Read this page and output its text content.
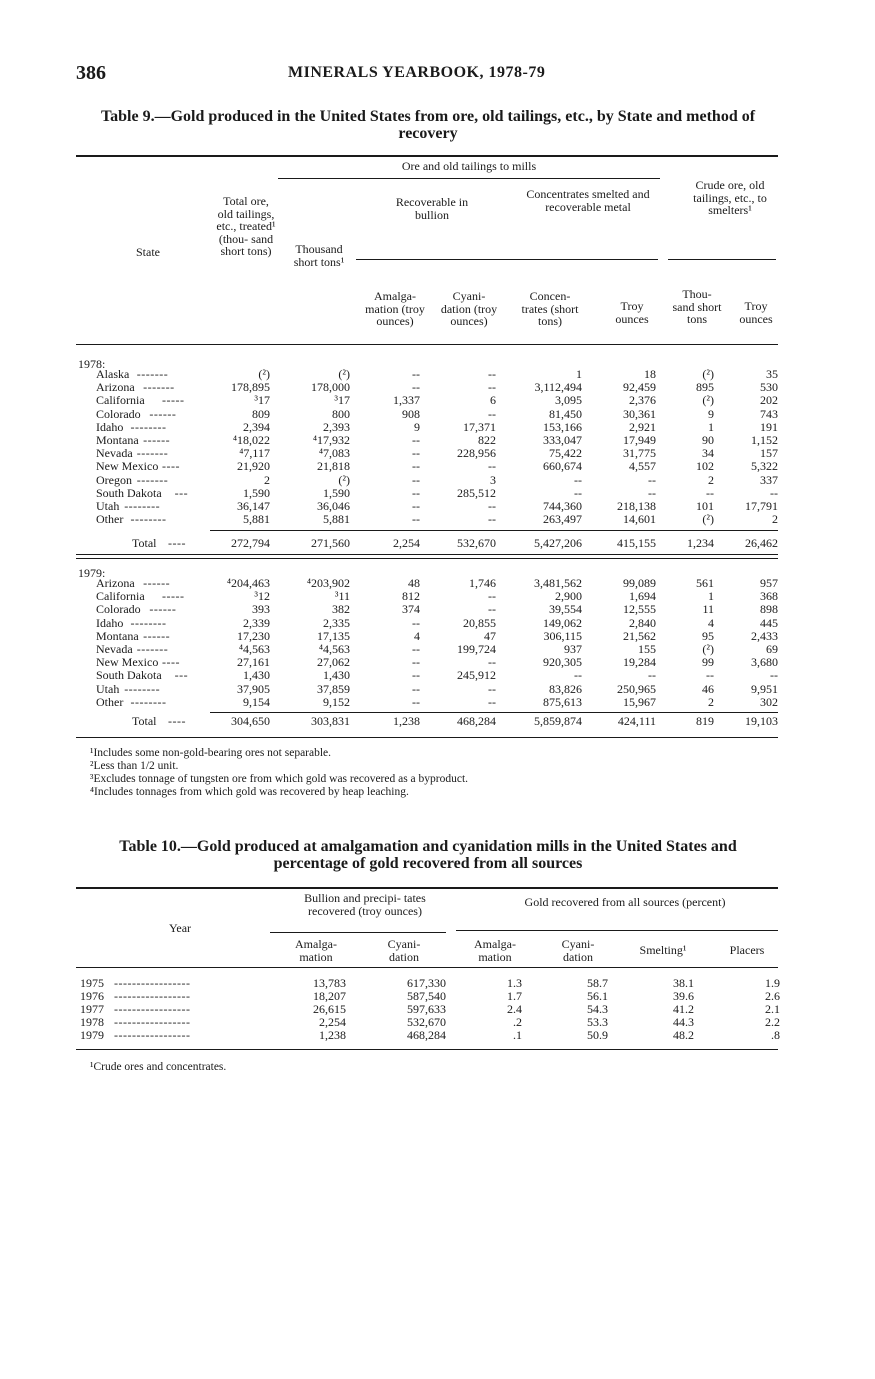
386	MINERALS YEARBOOK, 1978-79
Table 9.—Gold produced in the United States from ore, old tailings, etc., by State and method of recovery
State
Ore and old tailings to mills
Total ore, old tailings, etc., treated¹ (thou- sand short tons)	Thousand short tons¹
Recoverable in bullion
Amalga- mation (troy ounces)
Cyani- dation (troy ounces)
Concentrates smelted and recoverable metal
Concen- trates (short tons)
Troy ounces
Crude ore, old tailings, etc., to smelters¹
Thou- sand short tons
Troy ounces
1978:
Alaska -------	(²)	(²)	--	--	1	18	(²)	35
Arizona -------	178,895	178,000	--	--	3,112,494	92,459	895	530
California -----	³17	³17	1,337	6	3,095	2,376	(²)	202
Colorado ------	809	800	908	--	81,450	30,361	9	743
Idaho --------	2,394	2,393	9	17,371	153,166	2,921	1	191
Montana ------	⁴18,022	⁴17,932	--	822	333,047	17,949	90	1,152
Nevada -------	⁴7,117	⁴7,083	--	228,956	75,422	31,775	34	157
New Mexico ----	21,920	21,818	--	--	660,674	4,557	102	5,322
Oregon -------	2	(²)	--	3	--	--	2	337
South Dakota ---	1,590	1,590	--	285,512	--	--	--	--
Utah --------	36,147	36,046	--	--	744,360	218,138	101	17,791
Other --------	5,881	5,881	--	--	263,497	14,601	(²)	2
Total ----	272,794	271,560	2,254	532,670	5,427,206	415,155	1,234	26,462
1979:
Arizona ------	⁴204,463	⁴203,902	48	1,746	3,481,562	99,089	561	957
California -----	³12	³11	812	--	2,900	1,694	1	368
Colorado ------	393	382	374	--	39,554	12,555	11	898
Idaho --------	2,339	2,335	--	20,855	149,062	2,840	4	445
Montana ------	17,230	17,135	4	47	306,115	21,562	95	2,433
Nevada -------	⁴4,563	⁴4,563	--	199,724	937	155	(²)	69
New Mexico ----	27,161	27,062	--	--	920,305	19,284	99	3,680
South Dakota ---	1,430	1,430	--	245,912	--	--	--	--
Utah --------	37,905	37,859	--	--	83,826	250,965	46	9,951
Other --------	9,154	9,152	--	--	875,613	15,967	2	302
Total ----	304,650	303,831	1,238	468,284	5,859,874	424,111	819	19,103
¹Includes some non-gold-bearing ores not separable.
²Less than 1/2 unit.
³Excludes tonnage of tungsten ore from which gold was recovered as a byproduct.
⁴Includes tonnages from which gold was recovered by heap leaching.
Table 10.—Gold produced at amalgamation and cyanidation mills in the United States and percentage of gold recovered from all sources
Year
Bullion and precipi- tates recovered (troy ounces)
Gold recovered from all sources (percent)
Amalga- mation
Cyani- dation
Amalga- mation
Cyani- dation	Smelting¹	Placers
1975 -----------------	13,783	617,330	1.3	58.7	38.1	1.9
1976 -----------------	18,207	587,540	1.7	56.1	39.6	2.6
1977 -----------------	26,615	597,633	2.4	54.3	41.2	2.1
1978 -----------------	2,254	532,670	.2	53.3	44.3	2.2
1979 -----------------	1,238	468,284	.1	50.9	48.2	.8
¹Crude ores and concentrates.
